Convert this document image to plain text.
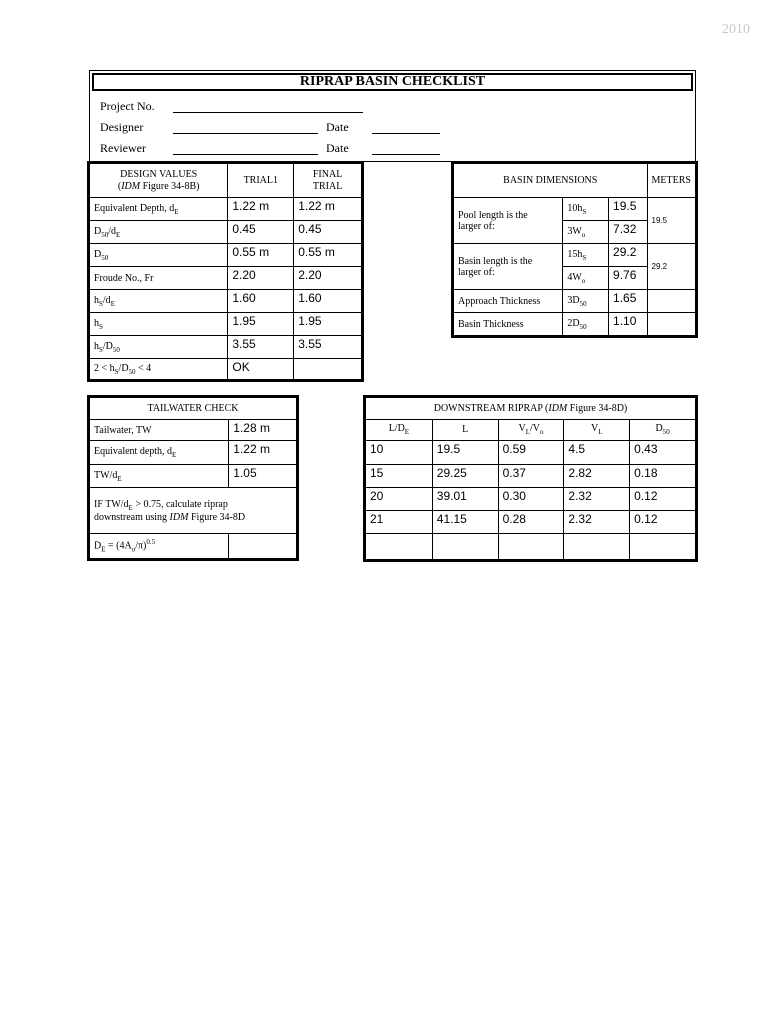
2010
RIPRAP BASIN CHECKLIST
Project No.
Designer	Date
Reviewer	Date
DESIGN VALUES
(IDM Figure 34-8B)	TRIAL1	FINAL
TRIAL
Equivalent Depth, $d_E$	1.22 m	1.22 m
$D_{50}/d_E$	0.45	0.45
$D_{50}$	0.55 m	0.55 m
Froude No., Fr	2.20	2.20
$h_S/d_E$	1.60	1.60
$h_S$	1.95	1.95
$h_S/D_{50}$	3.55	3.55
$2 < h_S/D_{50} < 4$	OK	
BASIN DIMENSIONS			METERS
Pool length is the
larger of:	$10h_S$	19.5	19.5
	$3W_o$	7.32	
Basin length is the
larger of:	$15h_S$	29.2	29.2
	$4W_o$	9.76	
Approach Thickness	$3D_{50}$	1.65	
Basin Thickness	$2D_{50}$	1.10	
TAILWATER CHECK	
Tailwater, TW	1.28 m
Equivalent depth, $d_E$	1.22 m
$TW/d_E$	1.05
IF $TW/d_E > 0.75$, calculate riprap
downstream using IDM Figure 34-8D	
$D_E = (4A_o/\pi)^{0.5}$	
DOWNSTREAM RIPRAP (IDM Figure 34-8D)				
$L/D_E$	L	$V_L/V_o$	$V_L$	$D_{50}$
10	19.5	0.59	4.5	0.43
15	29.25	0.37	2.82	0.18
20	39.01	0.30	2.32	0.12
21	41.15	0.28	2.32	0.12
